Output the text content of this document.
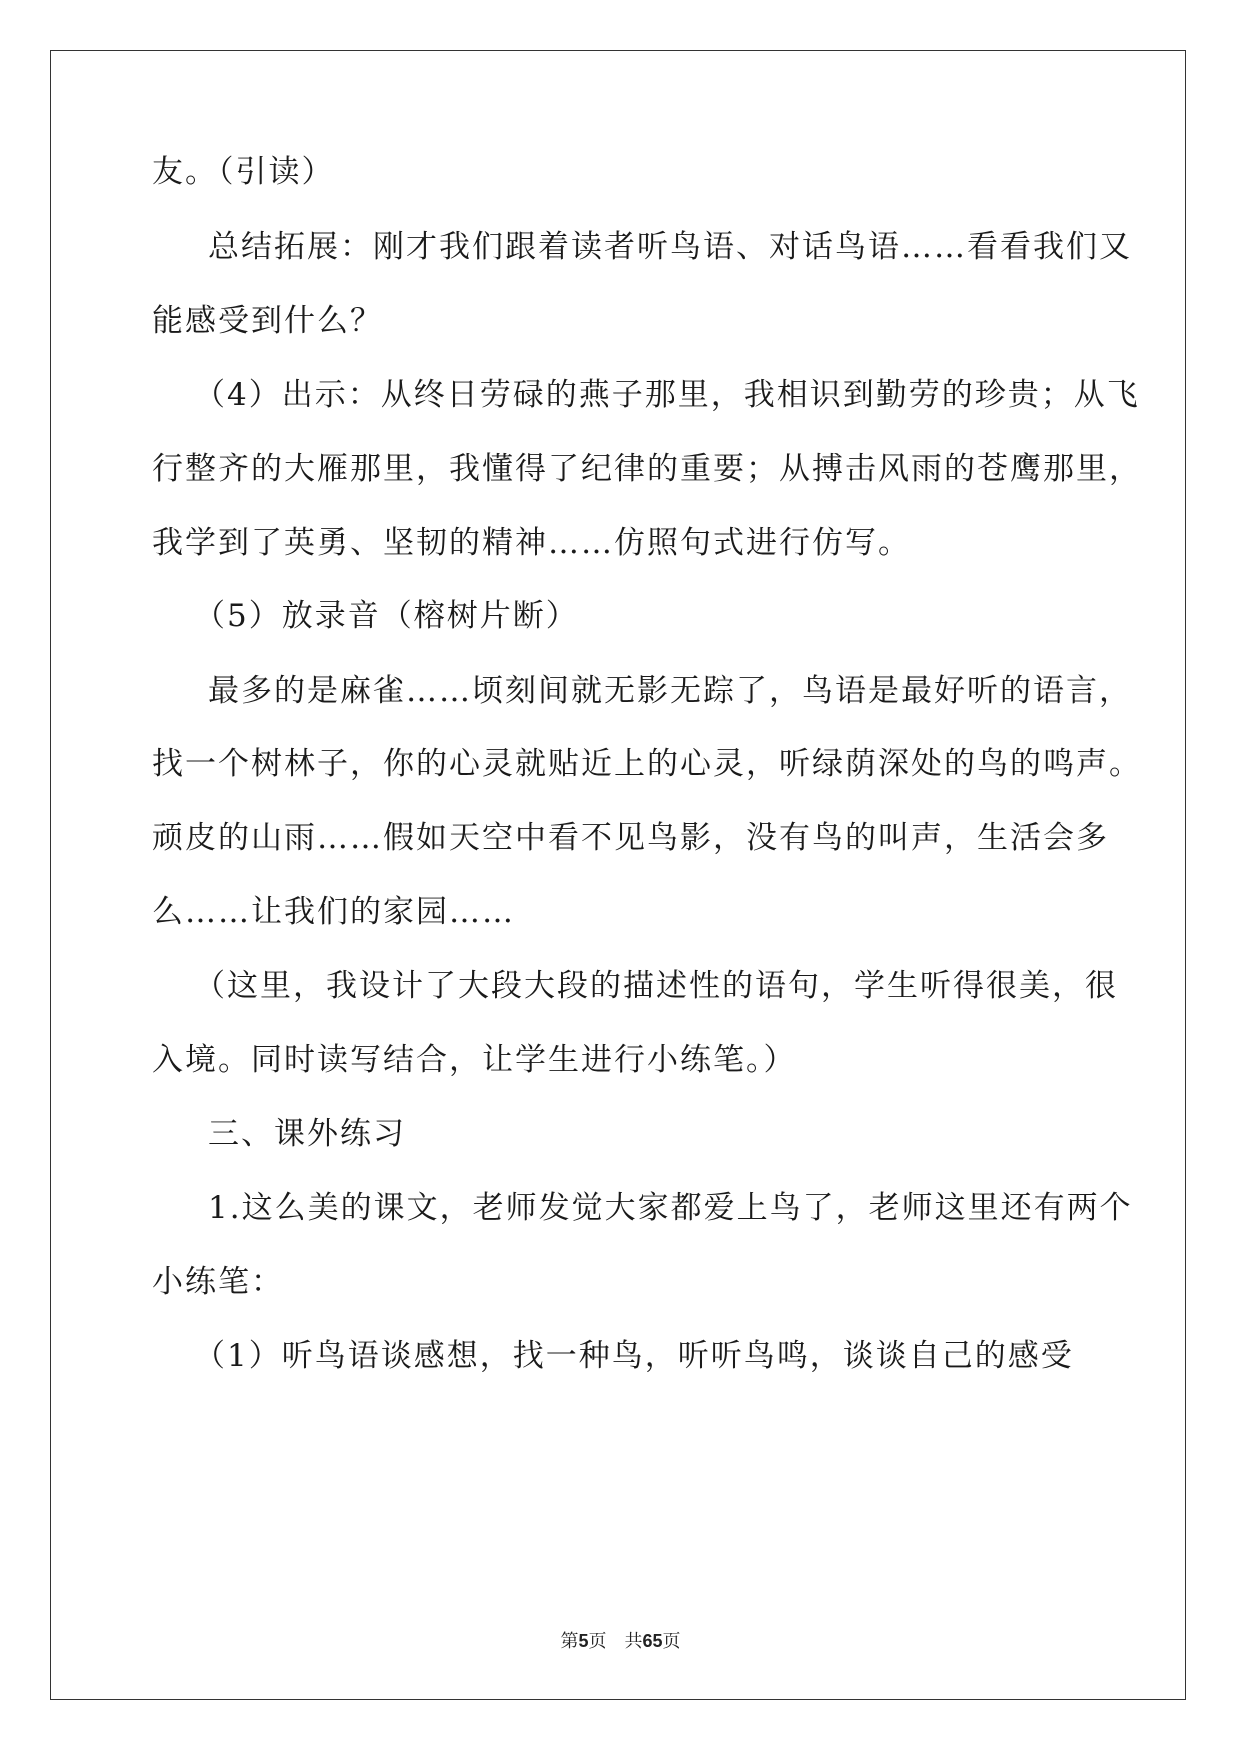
友。（引读）
总结拓展：刚才我们跟着读者听鸟语、对话鸟语……看看我们又
能感受到什么？
（4）出示：从终日劳碌的燕子那里，我相识到勤劳的珍贵；从飞
行整齐的大雁那里，我懂得了纪律的重要；从搏击风雨的苍鹰那里，
我学到了英勇、坚韧的精神……仿照句式进行仿写。
（5）放录音（榕树片断）
最多的是麻雀……顷刻间就无影无踪了，鸟语是最好听的语言，
找一个树林子，你的心灵就贴近上的心灵，听绿荫深处的鸟的鸣声。
顽皮的山雨……假如天空中看不见鸟影，没有鸟的叫声，生活会多
么……让我们的家园……
（这里，我设计了大段大段的描述性的语句，学生听得很美，很
入境。同时读写结合，让学生进行小练笔。）
三、课外练习
1.这么美的课文，老师发觉大家都爱上鸟了，老师这里还有两个
小练笔：
（1）听鸟语谈感想，找一种鸟，听听鸟鸣，谈谈自己的感受
第5页　共65页
